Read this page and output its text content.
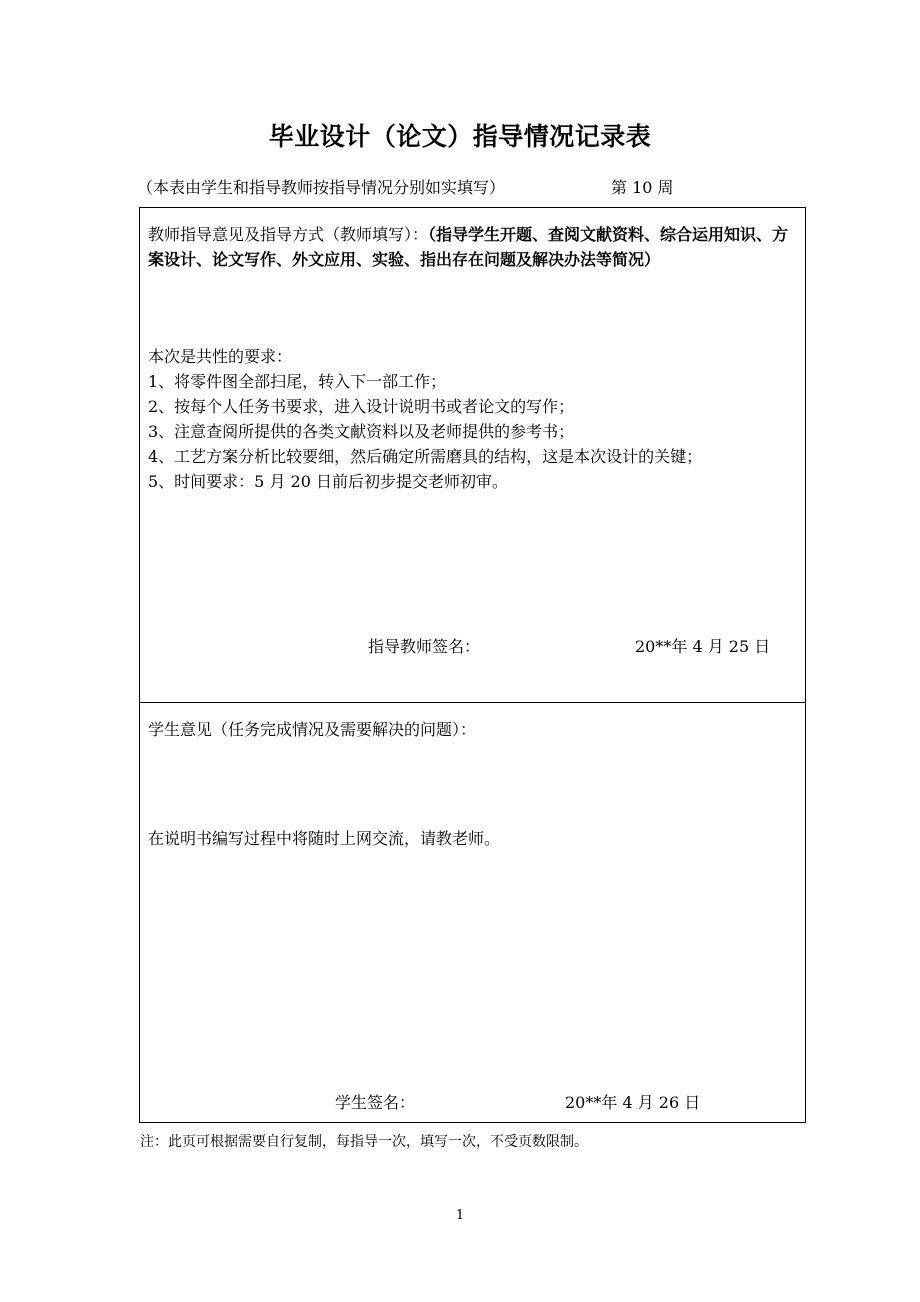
毕业设计（论文）指导情况记录表
（本表由学生和指导教师按指导情况分别如实填写）	第 10 周
教师指导意见及指导方式（教师填写）：（指导学生开题、查阅文献资料、综合运用知识、方案设计、论文写作、外文应用、实验、指出存在问题及解决办法等简况）
本次是共性的要求：
1、将零件图全部扫尾，转入下一部工作；
2、按每个人任务书要求，进入设计说明书或者论文的写作；
3、注意查阅所提供的各类文献资料以及老师提供的参考书；
4、工艺方案分析比较要细，然后确定所需磨具的结构，这是本次设计的关键；
5、时间要求：5 月 20 日前后初步提交老师初审。
指导教师签名：	20**年 4 月 25 日
学生意见（任务完成情况及需要解决的问题）：
在说明书编写过程中将随时上网交流，请教老师。
学生签名：	20**年 4 月 26 日
注：此页可根据需要自行复制，每指导一次，填写一次，不受页数限制。
1
